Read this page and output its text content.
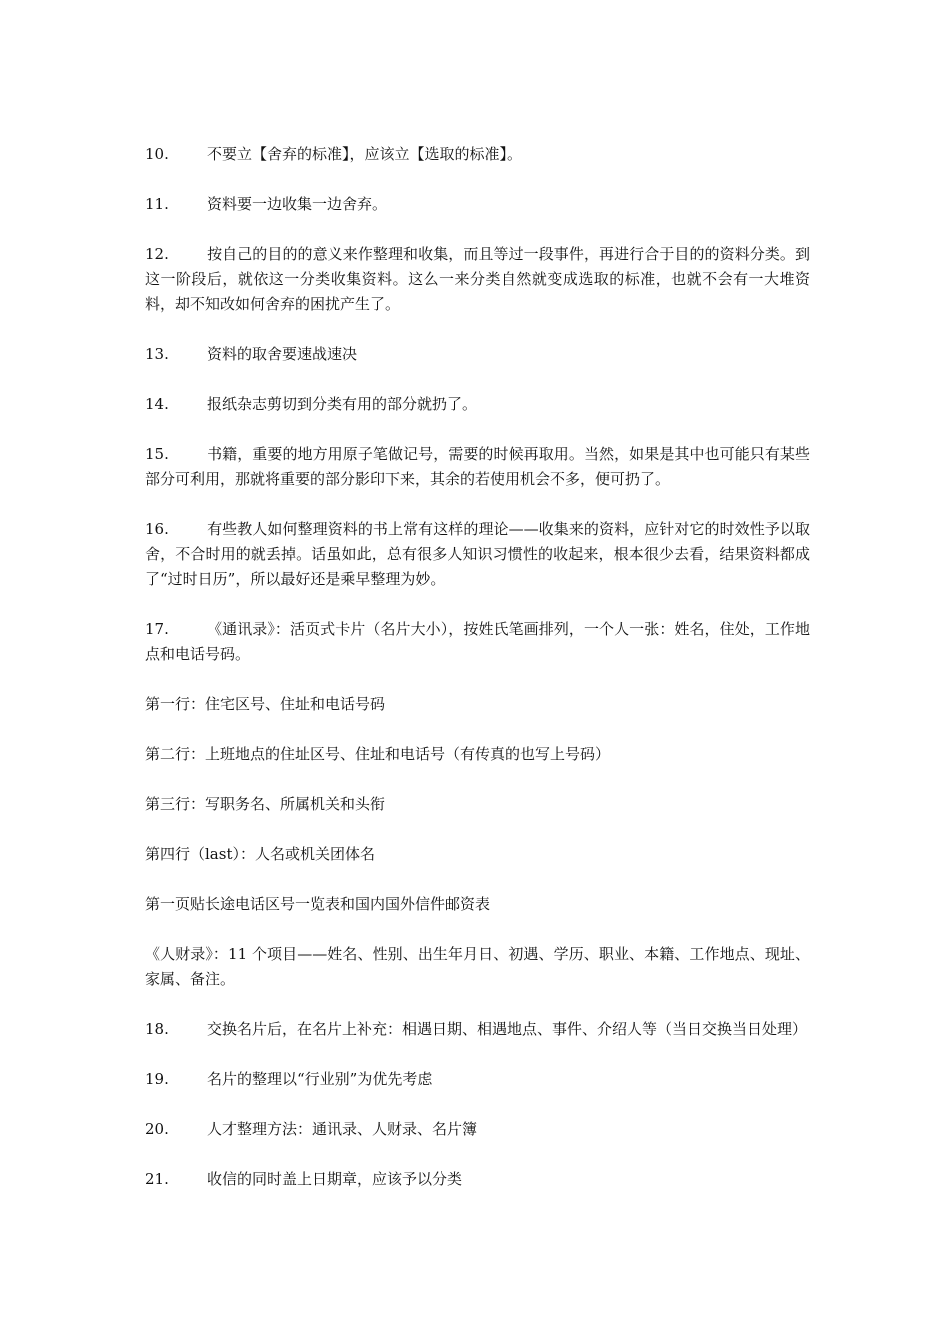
10.	不要立【舍弃的标准】，应该立【选取的标准】。

11.	资料要一边收集一边舍弃。

12.	按自己的目的的意义来作整理和收集，而且等过一段事件，再进行合于目的的资料分类。到这一阶段后，就依这一分类收集资料。这么一来分类自然就变成选取的标准，也就不会有一大堆资料，却不知改如何舍弃的困扰产生了。

13.	资料的取舍要速战速决

14.	报纸杂志剪切到分类有用的部分就扔了。

15.	书籍，重要的地方用原子笔做记号，需要的时候再取用。当然，如果是其中也可能只有某些部分可利用，那就将重要的部分影印下来，其余的若使用机会不多，便可扔了。

16.	有些教人如何整理资料的书上常有这样的理论——收集来的资料，应针对它的时效性予以取舍，不合时用的就丢掉。话虽如此，总有很多人知识习惯性的收起来，根本很少去看，结果资料都成了“过时日历”，所以最好还是乘早整理为妙。

17.	《通讯录》：活页式卡片（名片大小），按姓氏笔画排列，一个人一张：姓名，住处，工作地点和电话号码。

第一行：住宅区号、住址和电话号码

第二行：上班地点的住址区号、住址和电话号（有传真的也写上号码）

第三行：写职务名、所属机关和头衔

第四行（last）：人名或机关团体名

第一页贴长途电话区号一览表和国内国外信件邮资表

《人财录》：11 个项目——姓名、性别、出生年月日、初遇、学历、职业、本籍、工作地点、现址、家属、备注。

18.	交换名片后，在名片上补充：相遇日期、相遇地点、事件、介绍人等（当日交换当日处理）

19.	名片的整理以“行业别”为优先考虑

20.	人才整理方法：通讯录、人财录、名片簿

21.	收信的同时盖上日期章，应该予以分类
